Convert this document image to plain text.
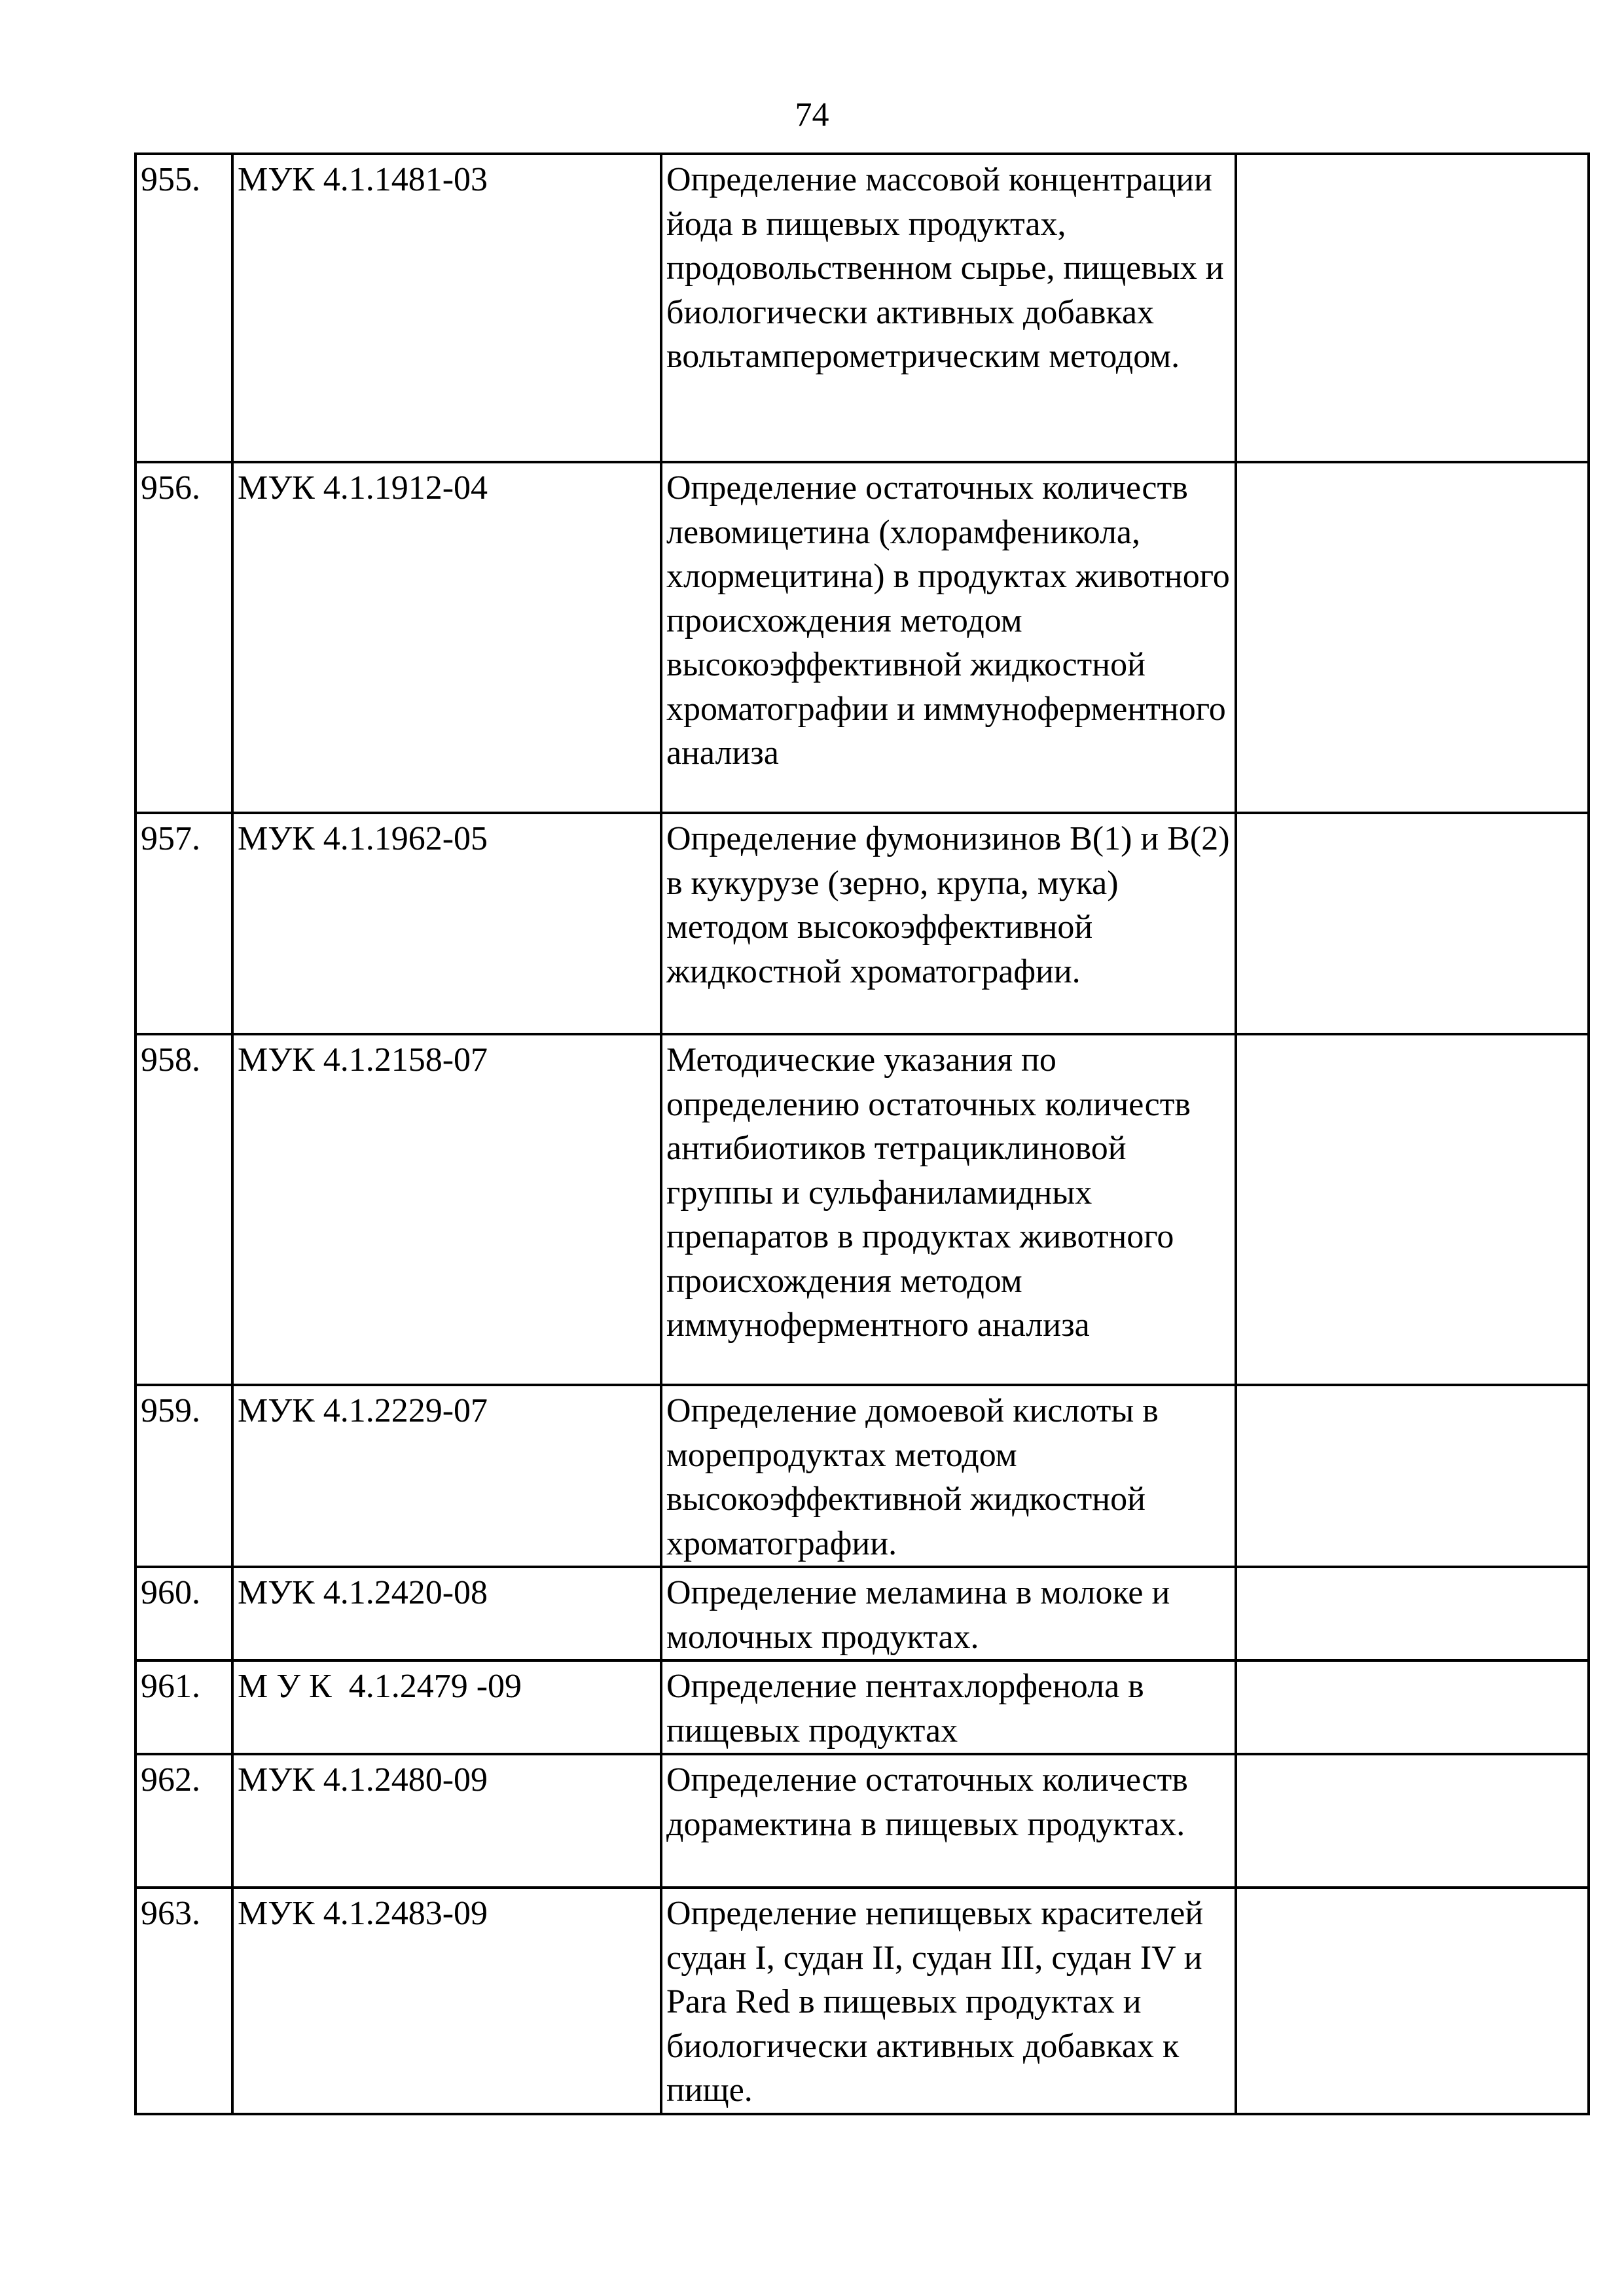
74
955.	МУК 4.1.1481-03	Определение массовой концентрации йода в пищевых продуктах, продовольственном сырье, пищевых и биологически активных добавках вольтамперометрическим методом.	
956.	МУК 4.1.1912-04	Определение остаточных количеств левомицетина (хлорамфеникола, хлормецитина) в продуктах животного происхождения методом высокоэффективной жидкостной хроматографии и иммуноферментного анализа	
957.	МУК 4.1.1962-05	Определение фумонизинов В(1) и В(2) в кукурузе (зерно, крупа, мука) методом высокоэффективной жидкостной хроматографии.	
958.	МУК 4.1.2158-07	Методические указания по определению остаточных количеств антибиотиков тетрациклиновой группы и сульфаниламидных препаратов в продуктах животного происхождения методом иммуноферментного анализа	
959.	МУК 4.1.2229-07	Определение домоевой кислоты в морепродуктах методом высокоэффективной жидкостной хроматографии.	
960.	МУК 4.1.2420-08	Определение меламина в молоке и молочных продуктах.	
961.	М У К  4.1.2479 -09	Определение пентахлорфенола в пищевых продуктах	
962.	МУК 4.1.2480-09	Определение остаточных количеств дорамектина в пищевых продуктах.	
963.	МУК 4.1.2483-09	Определение непищевых красителей судан I, судан II, судан III, судан IV и Para Red в пищевых продуктах и биологически активных добавках к пище.	
